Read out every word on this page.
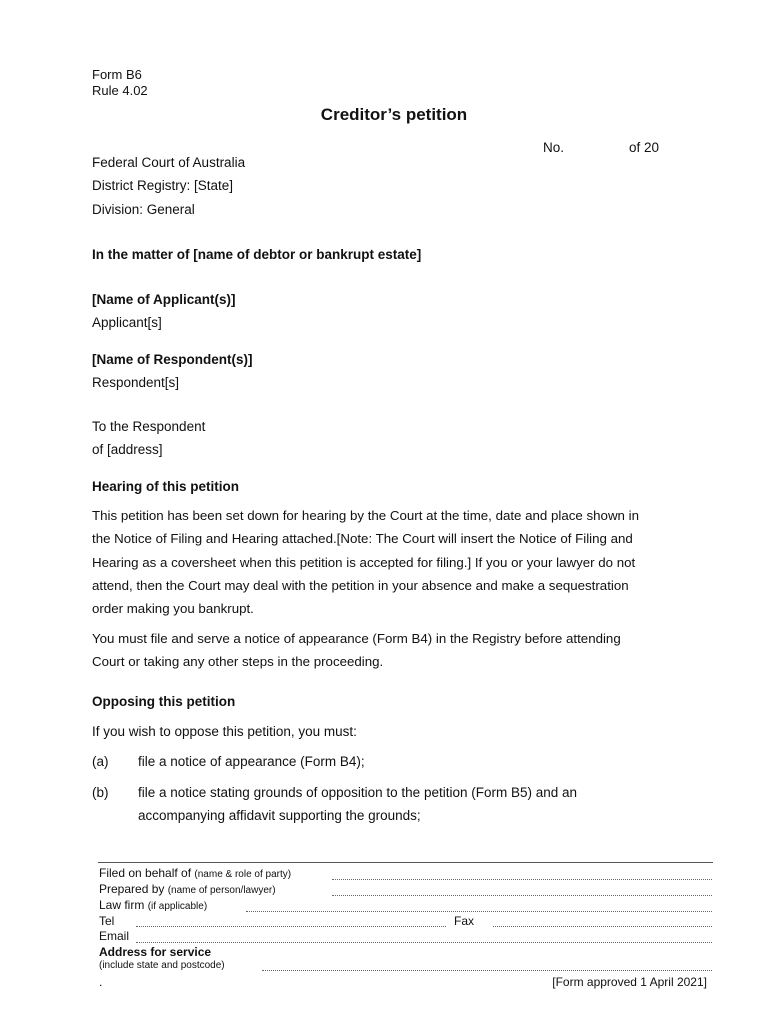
Form B6
Rule 4.02
Creditor’s petition
No.	of 20
Federal Court of Australia
District Registry: [State]
Division: General
In the matter of [name of debtor or bankrupt estate]
[Name of Applicant(s)]
Applicant[s]
[Name of Respondent(s)]
Respondent[s]
To the Respondent
of [address]
Hearing of this petition
This petition has been set down for hearing by the Court at the time, date and place shown in
the Notice of Filing and Hearing attached.[Note: The Court will insert the Notice of Filing and
Hearing as a coversheet when this petition is accepted for filing.] If you or your lawyer do not
attend, then the Court may deal with the petition in your absence and make a sequestration
order making you bankrupt.
You must file and serve a notice of appearance (Form B4) in the Registry before attending
Court or taking any other steps in the proceeding.
Opposing this petition
If you wish to oppose this petition, you must:
(a) file a notice of appearance (Form B4);
(b) file a notice stating grounds of opposition to the petition (Form B5) and an
accompanying affidavit supporting the grounds;
Filed on behalf of (name & role of party)
Prepared by (name of person/lawyer)
Law firm (if applicable)
Tel	Fax
Email
Address for service
(include state and postcode)
.	[Form approved 1 April 2021]
